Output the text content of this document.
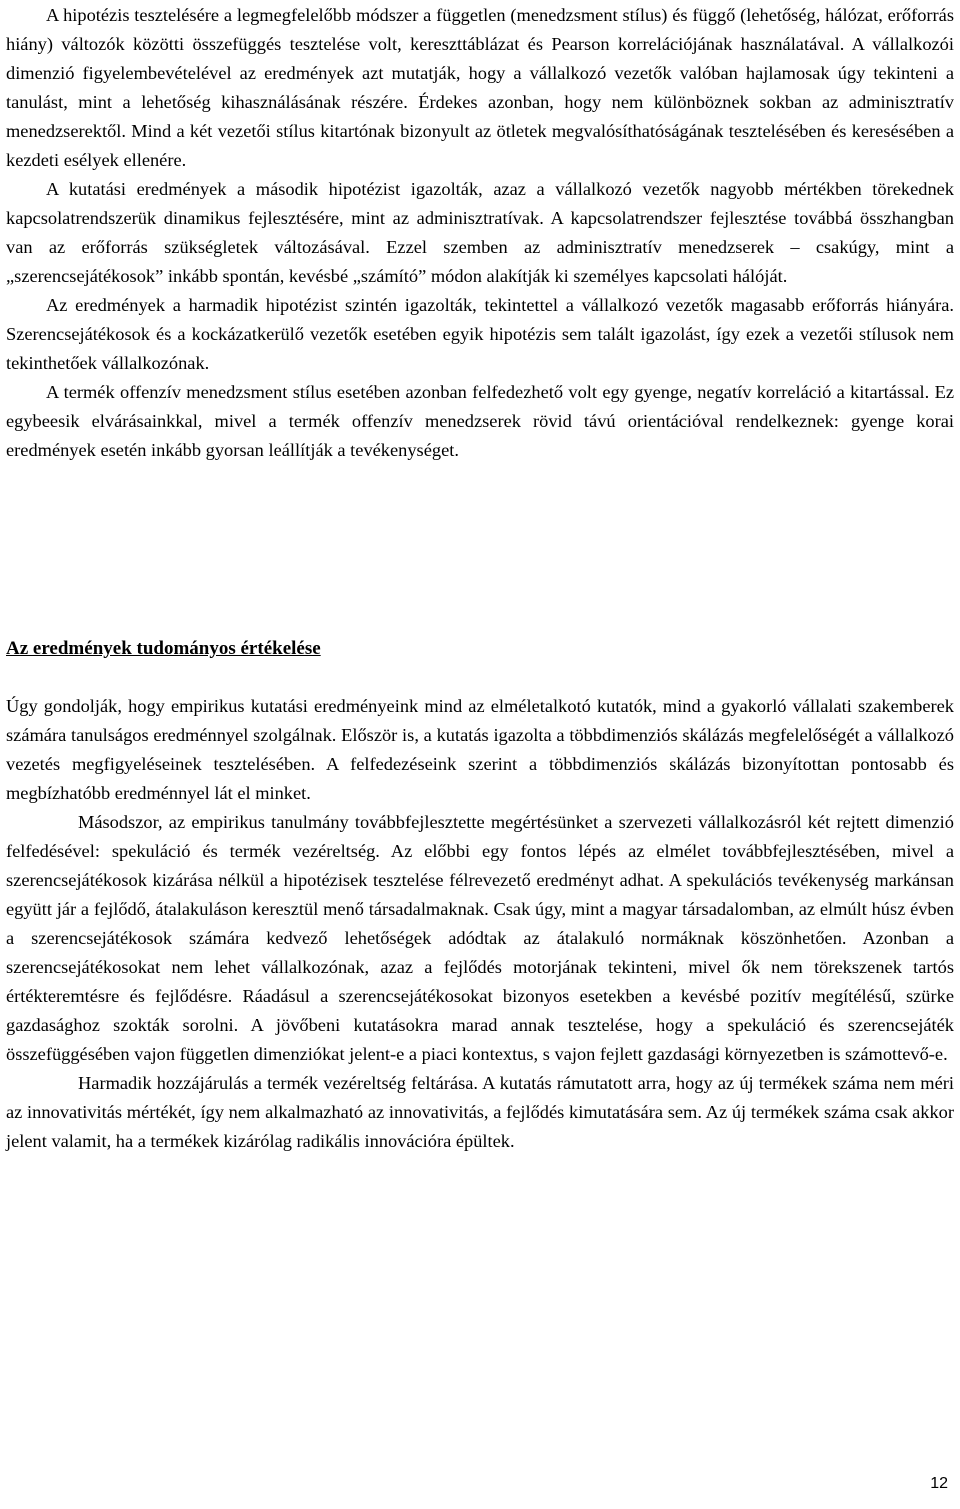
A hipotézis tesztelésére a legmegfelelőbb módszer a független (menedzsment stílus) és függő (lehetőség, hálózat, erőforrás hiány) változók közötti összefüggés tesztelése volt, kereszttáblázat és Pearson korrelációjának használatával. A vállalkozói dimenzió figyelembevételével az eredmények azt mutatják, hogy a vállalkozó vezetők valóban hajlamosak úgy tekinteni a tanulást, mint a lehetőség kihasználásának részére. Érdekes azonban, hogy nem különböznek sokban az adminisztratív menedzserektől. Mind a két vezetői stílus kitartónak bizonyult az ötletek megvalósíthatóságának tesztelésében és keresésében a kezdeti esélyek ellenére.

A kutatási eredmények a második hipotézist igazolták, azaz a vállalkozó vezetők nagyobb mértékben törekednek kapcsolatrendszerük dinamikus fejlesztésére, mint az adminisztratívak. A kapcsolatrendszer fejlesztése továbbá összhangban van az erőforrás szükségletek változásával. Ezzel szemben az adminisztratív menedzserek – csakúgy, mint a „szerencsejátékosok” inkább spontán, kevésbé „számító” módon alakítják ki személyes kapcsolati hálóját.

Az eredmények a harmadik hipotézist szintén igazolták, tekintettel a vállalkozó vezetők magasabb erőforrás hiányára. Szerencsejátékosok és a kockázatkerülő vezetők esetében egyik hipotézis sem talált igazolást, így ezek a vezetői stílusok nem tekinthetőek vállalkozónak.

A termék offenzív menedzsment stílus esetében azonban felfedezhető volt egy gyenge, negatív korreláció a kitartással. Ez egybeesik elvárásainkkal, mivel a termék offenzív menedzserek rövid távú orientációval rendelkeznek: gyenge korai eredmények esetén inkább gyorsan leállítják a tevékenységet.

Az eredmények tudományos értékelése

Úgy gondolják, hogy empirikus kutatási eredményeink mind az elméletalkotó kutatók, mind a gyakorló vállalati szakemberek számára tanulságos eredménnyel szolgálnak. Először is, a kutatás igazolta a többdimenziós skálázás megfelelőségét a vállalkozó vezetés megfigyeléseinek tesztelésében. A felfedezéseink szerint a többdimenziós skálázás bizonyítottan pontosabb és megbízhatóbb eredménnyel lát el minket.

Másodszor, az empirikus tanulmány továbbfejlesztette megértésünket a szervezeti vállalkozásról két rejtett dimenzió felfedésével: spekuláció és termék vezéreltség. Az előbbi egy fontos lépés az elmélet továbbfejlesztésében, mivel a szerencsejátékosok kizárása nélkül a hipotézisek tesztelése félrevezető eredményt adhat. A spekulációs tevékenység markánsan együtt jár a fejlődő, átalakuláson keresztül menő társadalmaknak. Csak úgy, mint a magyar társadalomban, az elmúlt húsz évben a szerencsejátékosok számára kedvező lehetőségek adódtak az átalakuló normáknak köszönhetően. Azonban a szerencsejátékosokat nem lehet vállalkozónak, azaz a fejlődés motorjának tekinteni, mivel ők nem törekszenek tartós értékteremtésre és fejlődésre. Ráadásul a szerencsejátékosokat bizonyos esetekben a kevésbé pozitív megítélésű, szürke gazdasághoz szokták sorolni. A jövőbeni kutatásokra marad annak tesztelése, hogy a spekuláció és szerencsejáték összefüggésében vajon független dimenziókat jelent-e a piaci kontextus, s vajon fejlett gazdasági környezetben is számottevő-e.

Harmadik hozzájárulás a termék vezéreltség feltárása. A kutatás rámutatott arra, hogy az új termékek száma nem méri az innovativitás mértékét, így nem alkalmazható az innovativitás, a fejlődés kimutatására sem. Az új termékek száma csak akkor jelent valamit, ha a termékek kizárólag radikális innovációra épültek.

12
